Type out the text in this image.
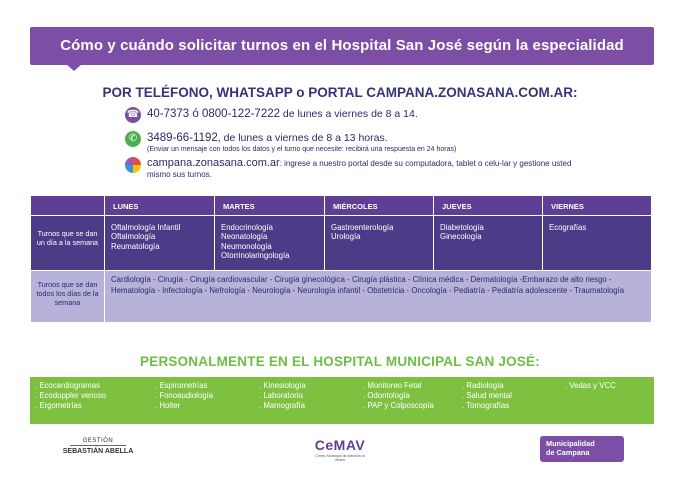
Cómo y cuándo solicitar turnos en el Hospital San José según la especialidad
POR TELÉFONO, WHATSAPP o PORTAL CAMPANA.ZONASANA.COM.AR:
☎ 40-7373 ó 0800-122-7222 de lunes a viernes de 8 a 14.
✆ 3489-66-1192, de lunes a viernes de 8 a 13 horas.
(Enviar un mensaje con todos los datos y el turno que necesite: recibirá una respuesta en 24 horas)
campana.zonasana.com.ar: ingrese a nuestro portal desde su computadora, tablet o celu-lar y gestione usted mismo sus turnos.
	LUNES	MARTES	MIÉRCOLES	JUEVES	VIERNES
Turnos que se dan un día a la semana	Oftalmología Infantil
Oftalmología
Reumatología	Endocrinología
Neonatología
Neumonología
Otorrinolaringología	Gastroenterología
Urología	Diabetología
Ginecología	Ecografías
Turnos que se dan todos los días de la semana	Cardiología - Cirugía - Cirugía cardiovascular - Cirugía ginecológica - Cirugía plástica - Clínica médica - Dermatología -Embarazo de alto riesgo - Hematología - Infectología - Nefrología - Neurología - Neurología infantil - Obstetricia - Oncología - Pediatría - Pediatría adolescente - Traumatología				
PERSONALMENTE EN EL HOSPITAL MUNICIPAL SAN JOSÉ:
. Ecocardiogramas
. Ecodoppler venoso
. Ergometrías
. Espirometrías
. Fonoaudiología
. Holter
. Kinesiología
. Laboratorio
. Mamografía
. Monitoreo Fetal
. Odontología
. PAP y Colposcopía
. Radiología
. Salud mental
. Tomografías
. Vedas y VCC
GESTIÓN
SEBASTIÁN ABELLA	CeMAV
Centro Municipal de Atención al Vecino
Municipalidad
de Campana
